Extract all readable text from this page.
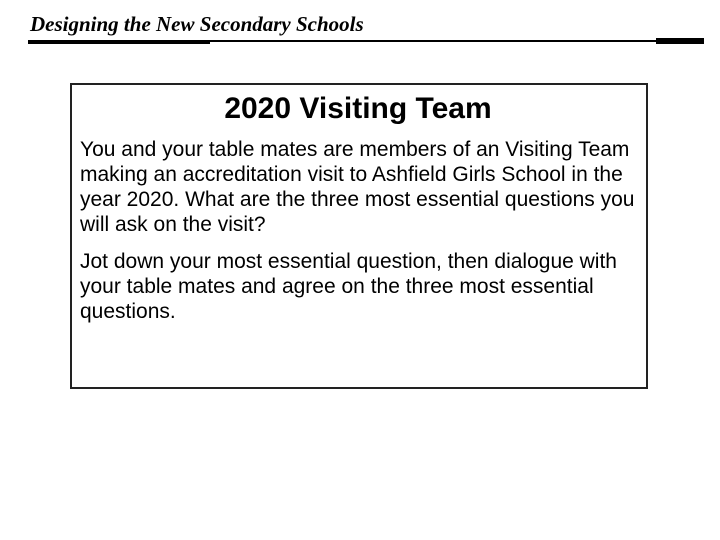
Designing the New Secondary Schools
2020 Visiting Team

You and your table mates are members of an Visiting Team making an accreditation visit to Ashfield Girls School in the year 2020. What are the three most essential questions you will ask on the visit?

Jot down your most essential question, then dialogue with your table mates and agree on the three most essential questions.
